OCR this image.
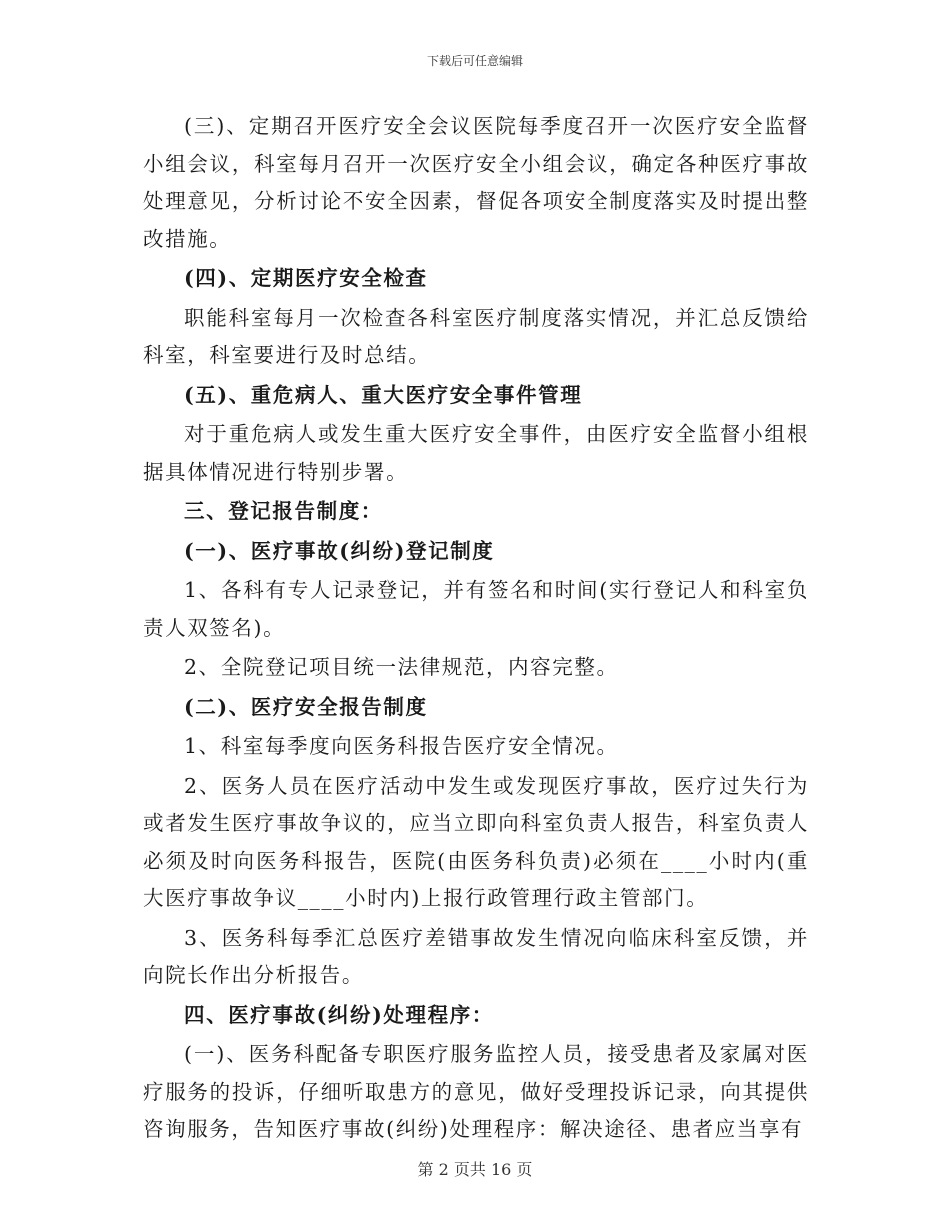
下载后可任意编辑

(三)、定期召开医疗安全会议医院每季度召开一次医疗安全监督小组会议，科室每月召开一次医疗安全小组会议，确定各种医疗事故处理意见，分析讨论不安全因素，督促各项安全制度落实及时提出整改措施。

(四)、定期医疗安全检查

职能科室每月一次检查各科室医疗制度落实情况，并汇总反馈给科室，科室要进行及时总结。

(五)、重危病人、重大医疗安全事件管理

对于重危病人或发生重大医疗安全事件，由医疗安全监督小组根据具体情况进行特别步署。

三、登记报告制度：

(一)、医疗事故(纠纷)登记制度

1、各科有专人记录登记，并有签名和时间(实行登记人和科室负责人双签名)。

2、全院登记项目统一法律规范，内容完整。

(二)、医疗安全报告制度

1、科室每季度向医务科报告医疗安全情况。

2、医务人员在医疗活动中发生或发现医疗事故，医疗过失行为或者发生医疗事故争议的，应当立即向科室负责人报告，科室负责人必须及时向医务科报告，医院(由医务科负责)必须在____小时内(重大医疗事故争议____小时内)上报行政管理行政主管部门。

3、医务科每季汇总医疗差错事故发生情况向临床科室反馈，并向院长作出分析报告。

四、医疗事故(纠纷)处理程序：

(一)、医务科配备专职医疗服务监控人员，接受患者及家属对医疗服务的投诉，仔细听取患方的意见，做好受理投诉记录，向其提供咨询服务，告知医疗事故(纠纷)处理程序：解决途径、患者应当享有

第 2 页共 16 页
